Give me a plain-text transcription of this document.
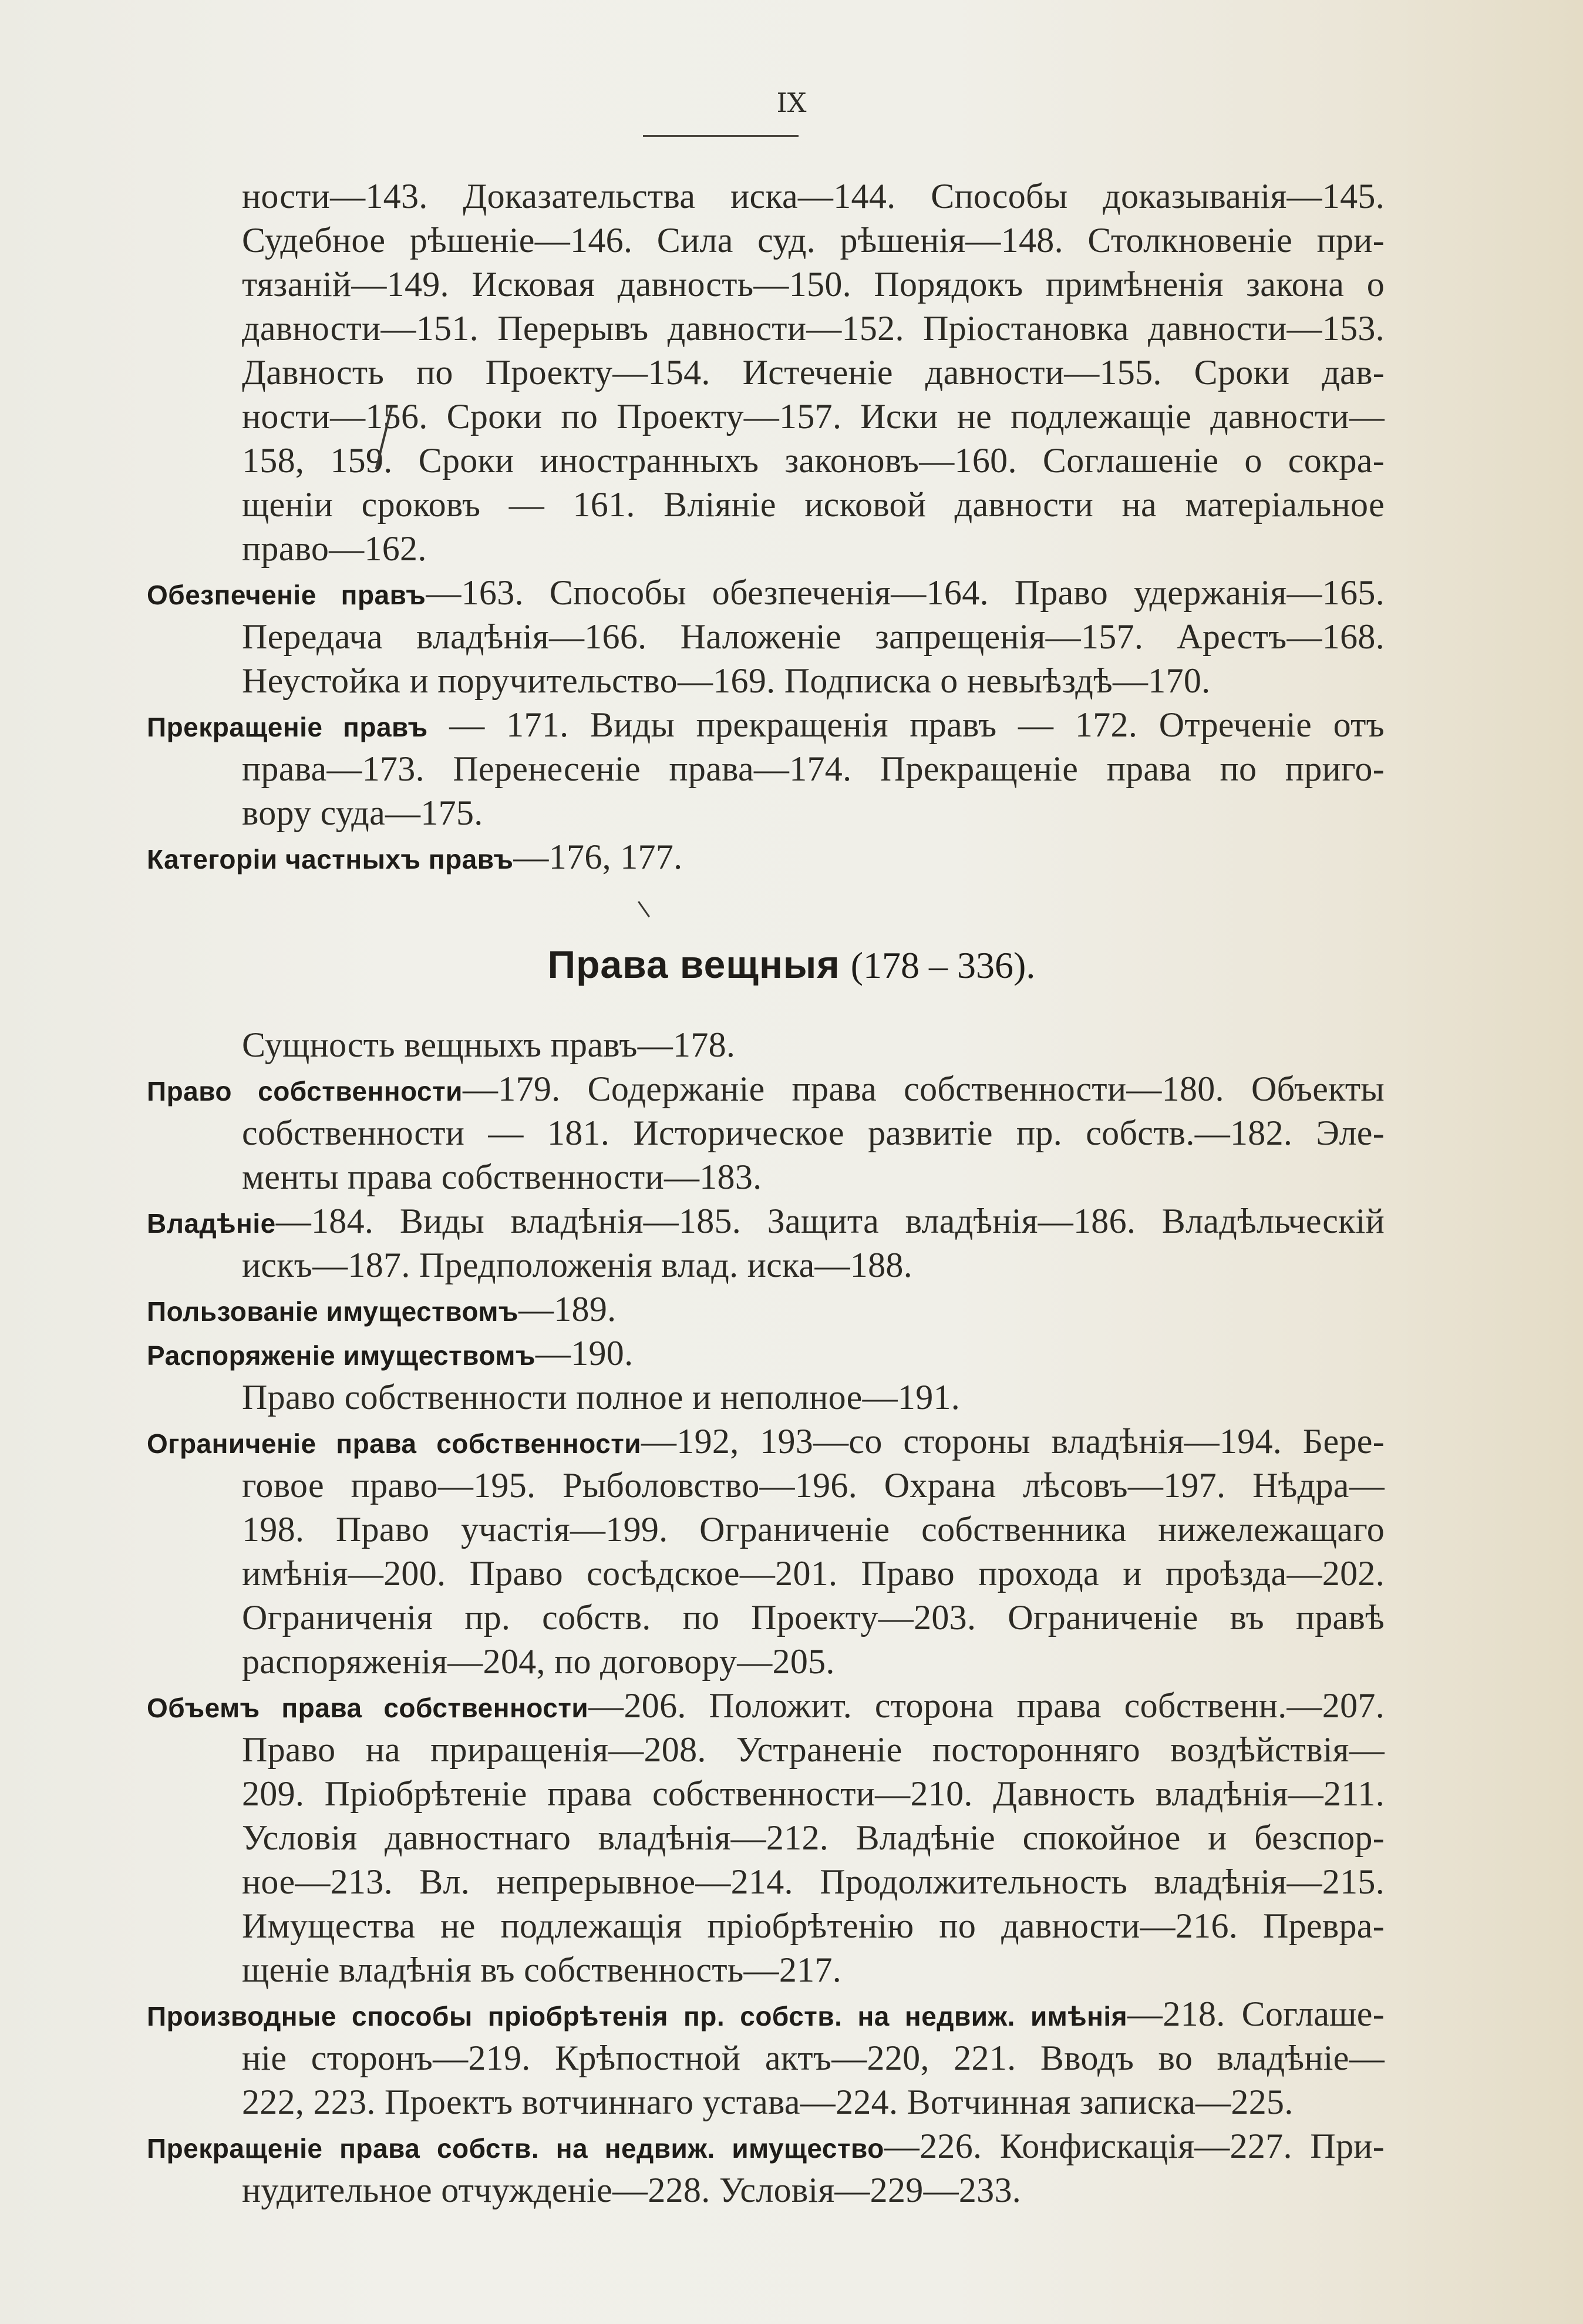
IX
ности—143. Доказательства иска—144. Способы доказыванія—145.
Судебное рѣшеніе—146. Сила суд. рѣшенія—148. Столкновеніе при-
тязаній—149. Исковая давность—150. Порядокъ примѣненія закона о
давности—151. Перерывъ давности—152. Пріостановка давности—153.
Давность по Проекту—154. Истеченіе давности—155. Сроки дав-
ности—156. Сроки по Проекту—157. Иски не подлежащіе давности—
158, 159. Сроки иностранныхъ законовъ—160. Соглашеніе о сокра-
щеніи сроковъ — 161. Вліяніе исковой давности на матеріальное
право—162.
Обезпеченіе правъ—163. Способы обезпеченія—164. Право удержанія—165.
Передача владѣнія—166. Наложеніе запрещенія—157. Арестъ—168.
Неустойка и поручительство—169. Подписка о невыѣздѣ—170.
Прекращеніе правъ — 171. Виды прекращенія правъ — 172. Отреченіе отъ
права—173. Перенесеніе права—174. Прекращеніе права по приго-
вору суда—175.
Категоріи частныхъ правъ—176, 177.
Права вещныя (178 – 336).
Сущность вещныхъ правъ—178.
Право собственности—179. Содержаніе права собственности—180. Объекты
собственности — 181. Историческое развитіе пр. собств.—182. Эле-
менты права собственности—183.
Владѣніе—184. Виды владѣнія—185. Защита владѣнія—186. Владѣльческій
искъ—187. Предположенія влад. иска—188.
Пользованіе имуществомъ—189.
Распоряженіе имуществомъ—190.
Право собственности полное и неполное—191.
Ограниченіе права собственности—192, 193—со стороны владѣнія—194. Бере-
говое право—195. Рыболовство—196. Охрана лѣсовъ—197. Нѣдра—
198. Право участія—199. Ограниченіе собственника нижележащаго
имѣнія—200. Право сосѣдское—201. Право прохода и проѣзда—202.
Ограниченія пр. собств. по Проекту—203. Ограниченіе въ правѣ
распоряженія—204, по договору—205.
Объемъ права собственности—206. Положит. сторона права собственн.—207.
Право на приращенія—208. Устраненіе посторонняго воздѣйствія—
209. Пріобрѣтеніе права собственности—210. Давность владѣнія—211.
Условія давностнаго владѣнія—212. Владѣніе спокойное и безспор-
ное—213. Вл. непрерывное—214. Продолжительность владѣнія—215.
Имущества не подлежащія пріобрѣтенію по давности—216. Превра-
щеніе владѣнія въ собственность—217.
Производные способы пріобрѣтенія пр. собств. на недвиж. имѣнія—218. Соглаше-
ніе сторонъ—219. Крѣпостной актъ—220, 221. Вводъ во владѣніе—
222, 223. Проектъ вотчиннаго устава—224. Вотчинная записка—225.
Прекращеніе права собств. на недвиж. имущество—226. Конфискація—227. При-
нудительное отчужденіе—228. Условія—229—233.
